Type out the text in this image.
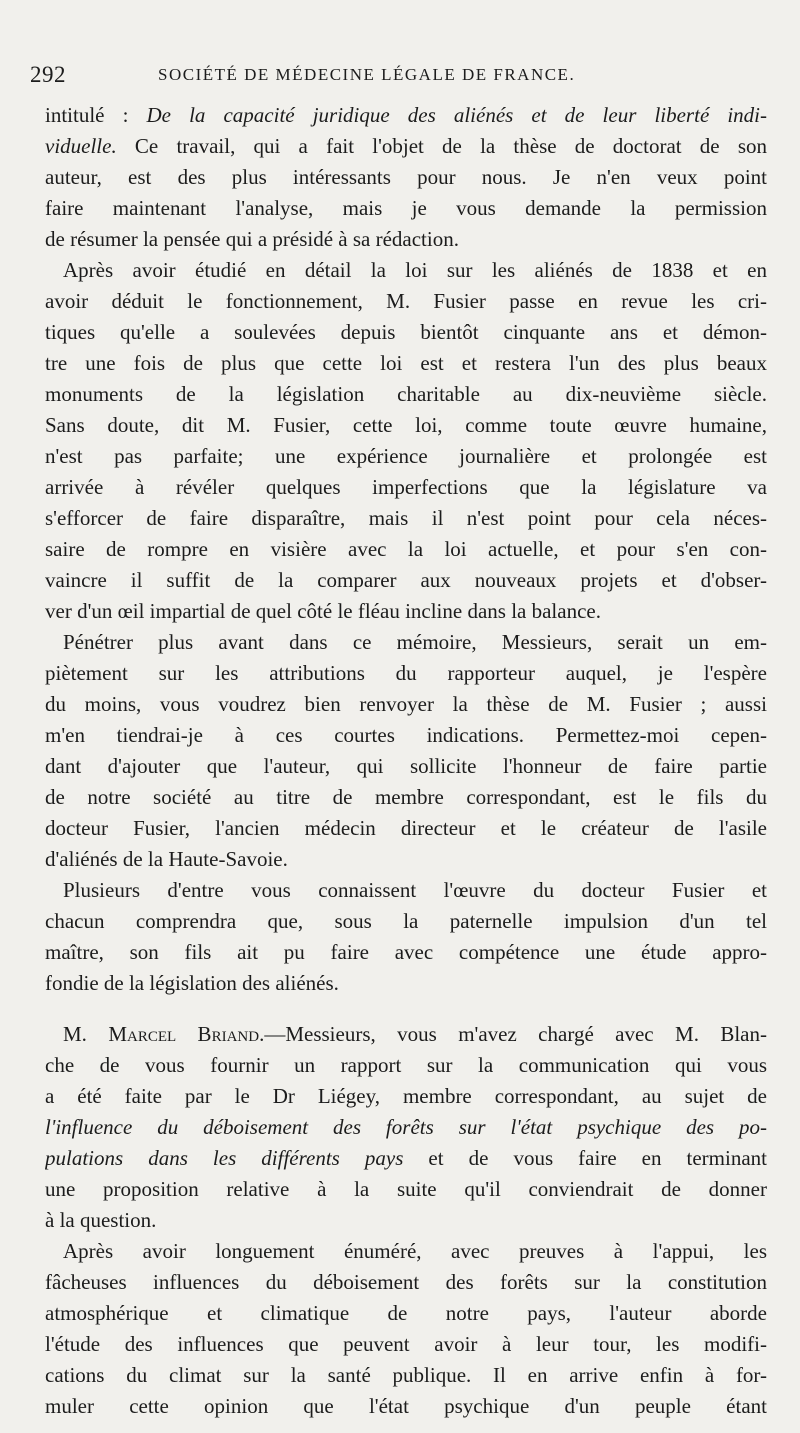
292	SOCIÉTÉ DE MÉDECINE LÉGALE DE FRANCE.
intitulé : De la capacité juridique des aliénés et de leur liberté indi-
viduelle. Ce travail, qui a fait l'objet de la thèse de doctorat de son
auteur, est des plus intéressants pour nous. Je n'en veux point
faire maintenant l'analyse, mais je vous demande la permission
de résumer la pensée qui a présidé à sa rédaction.
Après avoir étudié en détail la loi sur les aliénés de 1838 et en
avoir déduit le fonctionnement, M. Fusier passe en revue les cri-
tiques qu'elle a soulevées depuis bientôt cinquante ans et démon-
tre une fois de plus que cette loi est et restera l'un des plus beaux
monuments de la législation charitable au dix-neuvième siècle.
Sans doute, dit M. Fusier, cette loi, comme toute œuvre humaine,
n'est pas parfaite; une expérience journalière et prolongée est
arrivée à révéler quelques imperfections que la législature va
s'efforcer de faire disparaître, mais il n'est point pour cela néces-
saire de rompre en visière avec la loi actuelle, et pour s'en con-
vaincre il suffit de la comparer aux nouveaux projets et d'obser-
ver d'un œil impartial de quel côté le fléau incline dans la balance.
Pénétrer plus avant dans ce mémoire, Messieurs, serait un em-
piètement sur les attributions du rapporteur auquel, je l'espère
du moins, vous voudrez bien renvoyer la thèse de M. Fusier ; aussi
m'en tiendrai-je à ces courtes indications. Permettez-moi cepen-
dant d'ajouter que l'auteur, qui sollicite l'honneur de faire partie
de notre société au titre de membre correspondant, est le fils du
docteur Fusier, l'ancien médecin directeur et le créateur de l'asile
d'aliénés de la Haute-Savoie.
Plusieurs d'entre vous connaissent l'œuvre du docteur Fusier et
chacun comprendra que, sous la paternelle impulsion d'un tel
maître, son fils ait pu faire avec compétence une étude appro-
fondie de la législation des aliénés.
M. Marcel Briand.—Messieurs, vous m'avez chargé avec M. Blan-
che de vous fournir un rapport sur la communication qui vous
a été faite par le Dr Liégey, membre correspondant, au sujet de
l'influence du déboisement des forêts sur l'état psychique des po-
pulations dans les différents pays et de vous faire en terminant
une proposition relative à la suite qu'il conviendrait de donner
à la question.
Après avoir longuement énuméré, avec preuves à l'appui, les
fâcheuses influences du déboisement des forêts sur la constitution
atmosphérique et climatique de notre pays, l'auteur aborde
l'étude des influences que peuvent avoir à leur tour, les modifi-
cations du climat sur la santé publique. Il en arrive enfin à for-
muler cette opinion que l'état psychique d'un peuple étant
